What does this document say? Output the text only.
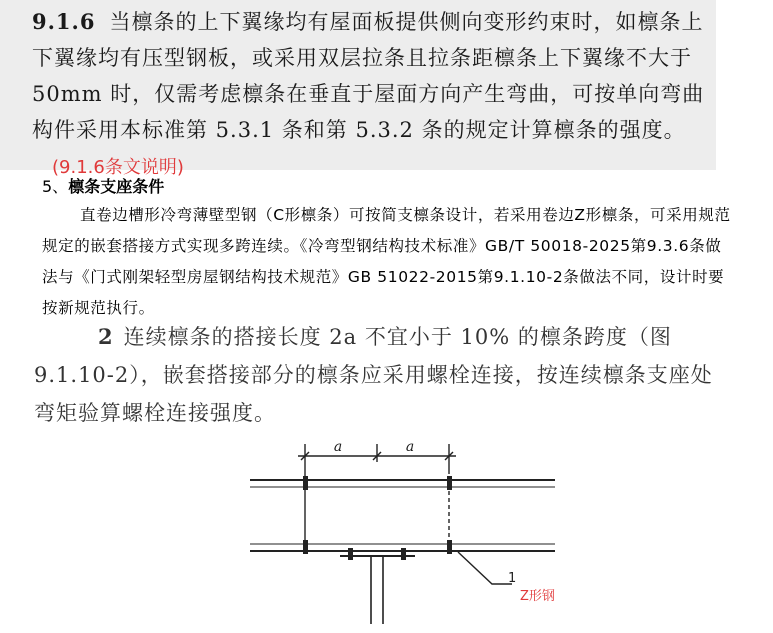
9.1.6 当檩条的上下翼缘均有屋面板提供侧向变形约束时，如檩条上下翼缘均有压型钢板，或采用双层拉条且拉条距檩条上下翼缘不大于 50mm 时，仅需考虑檩条在垂直于屋面方向产生弯曲，可按单向弯曲构件采用本标准第 5.3.1 条和第 5.3.2 条的规定计算檩条的强度。(9.1.6条文说明)

5、檩条支座条件

直卷边槽形冷弯薄壁型钢（C形檩条）可按简支檩条设计，若采用卷边Z形檩条，可采用规范规定的嵌套搭接方式实现多跨连续。《冷弯型钢结构技术标准》GB/T 50018-2025第9.3.6条做法与《门式刚架轻型房屋钢结构技术规范》GB 51022-2015第9.1.10-2条做法不同，设计时要按新规范执行。

2 连续檩条的搭接长度 2a 不宜小于 10% 的檩条跨度（图 9.1.10-2），嵌套搭接部分的檩条应采用螺栓连接，按连续檩条支座处弯矩验算螺栓连接强度。

a	a
1
Z形钢
